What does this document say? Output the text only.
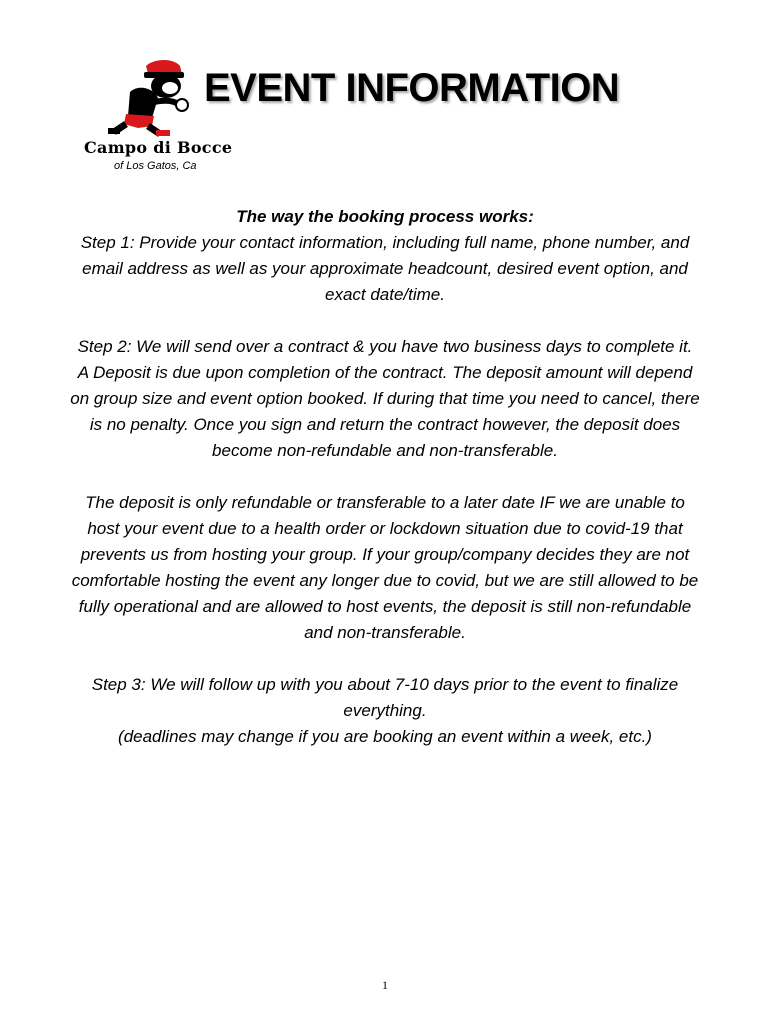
Campo di Bocce
of Los Gatos, Ca
EVENT INFORMATION

The way the booking process works:
Step 1: Provide your contact information, including full name, phone number, and email address as well as your approximate headcount, desired event option, and exact date/time.

Step 2: We will send over a contract & you have two business days to complete it. A Deposit is due upon completion of the contract. The deposit amount will depend on group size and event option booked. If during that time you need to cancel, there is no penalty. Once you sign and return the contract however, the deposit does become non-refundable and non-transferable.

The deposit is only refundable or transferable to a later date IF we are unable to host your event due to a health order or lockdown situation due to covid-19 that prevents us from hosting your group. If your group/company decides they are not comfortable hosting the event any longer due to covid, but we are still allowed to be fully operational and are allowed to host events, the deposit is still non-refundable and non-transferable.

Step 3: We will follow up with you about 7-10 days prior to the event to finalize everything.
(deadlines may change if you are booking an event within a week, etc.)

1
